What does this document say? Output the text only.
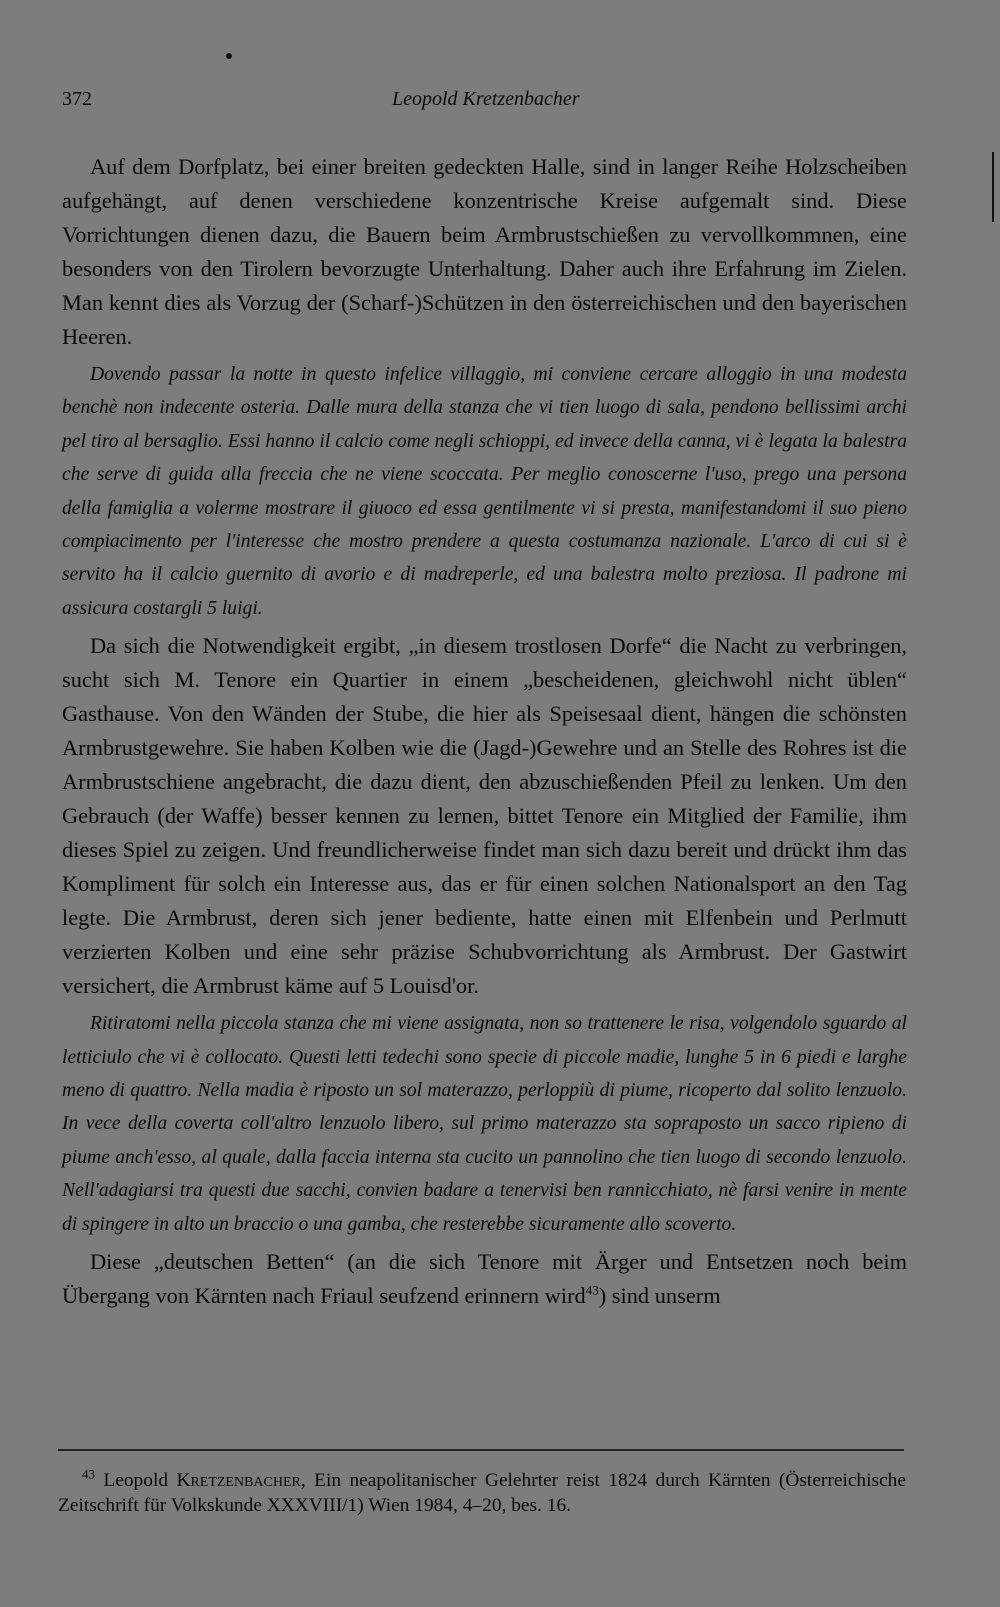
372	Leopold Kretzenbacher

Auf dem Dorfplatz, bei einer breiten gedeckten Halle, sind in langer Reihe Holzscheiben aufgehängt, auf denen verschiedene konzentrische Kreise aufgemalt sind. Diese Vorrichtungen dienen dazu, die Bauern beim Armbrustschießen zu vervollkommnen, eine besonders von den Tirolern bevorzugte Unterhaltung. Daher auch ihre Erfahrung im Zielen. Man kennt dies als Vorzug der (Scharf-)Schützen in den österreichischen und den bayerischen Heeren.

Dovendo passar la notte in questo infelice villaggio, mi conviene cercare alloggio in una modesta benchè non indecente osteria. Dalle mura della stanza che vi tien luogo di sala, pendono bellissimi archi pel tiro al bersaglio. Essi hanno il calcio come negli schioppi, ed invece della canna, vi è legata la balestra che serve di guida alla freccia che ne viene scoccata. Per meglio conoscerne l'uso, prego una persona della famiglia a volerme mostrare il giuoco ed essa gentilmente vi si presta, manifestandomi il suo pieno compiacimento per l'interesse che mostro prendere a questa costumanza nazionale. L'arco di cui si è servito ha il calcio guernito di avorio e di madreperle, ed una balestra molto preziosa. Il padrone mi assicura costargli 5 luigi.

Da sich die Notwendigkeit ergibt, „in diesem trostlosen Dorfe“ die Nacht zu verbringen, sucht sich M. Tenore ein Quartier in einem „bescheidenen, gleichwohl nicht üblen“ Gasthause. Von den Wänden der Stube, die hier als Speisesaal dient, hängen die schönsten Armbrustgewehre. Sie haben Kolben wie die (Jagd-)Gewehre und an Stelle des Rohres ist die Armbrustschiene angebracht, die dazu dient, den abzuschießenden Pfeil zu lenken. Um den Gebrauch (der Waffe) besser kennen zu lernen, bittet Tenore ein Mitglied der Familie, ihm dieses Spiel zu zeigen. Und freundlicherweise findet man sich dazu bereit und drückt ihm das Kompliment für solch ein Interesse aus, das er für einen solchen Nationalsport an den Tag legte. Die Armbrust, deren sich jener bediente, hatte einen mit Elfenbein und Perlmutt verzierten Kolben und eine sehr präzise Schubvorrichtung als Armbrust. Der Gastwirt versichert, die Armbrust käme auf 5 Louisd'or.

Ritiratomi nella piccola stanza che mi viene assignata, non so trattenere le risa, volgendolo sguardo al letticiulo che vi è collocato. Questi letti tedechi sono specie di piccole madie, lunghe 5 in 6 piedi e larghe meno di quattro. Nella madia è riposto un sol materazzo, perloppiù di piume, ricoperto dal solito lenzuolo. In vece della coverta coll'altro lenzuolo libero, sul primo materazzo sta sopraposto un sacco ripieno di piume anch'esso, al quale, dalla faccia interna sta cucito un pannolino che tien luogo di secondo lenzuolo. Nell'adagiarsi tra questi due sacchi, convien badare a tenervisi ben rannicchiato, nè farsi venire in mente di spingere in alto un braccio o una gamba, che resterebbe sicuramente allo scoverto.

Diese „deutschen Betten“ (an die sich Tenore mit Ärger und Entsetzen noch beim Übergang von Kärnten nach Friaul seufzend erinnern wird$^{43}$) sind unserm

$^{43}$ Leopold Kretzenbacher, Ein neapolitanischer Gelehrter reist 1824 durch Kärnten (Österreichische Zeitschrift für Volkskunde XXXVIII/1) Wien 1984, 4–20, bes. 16.
